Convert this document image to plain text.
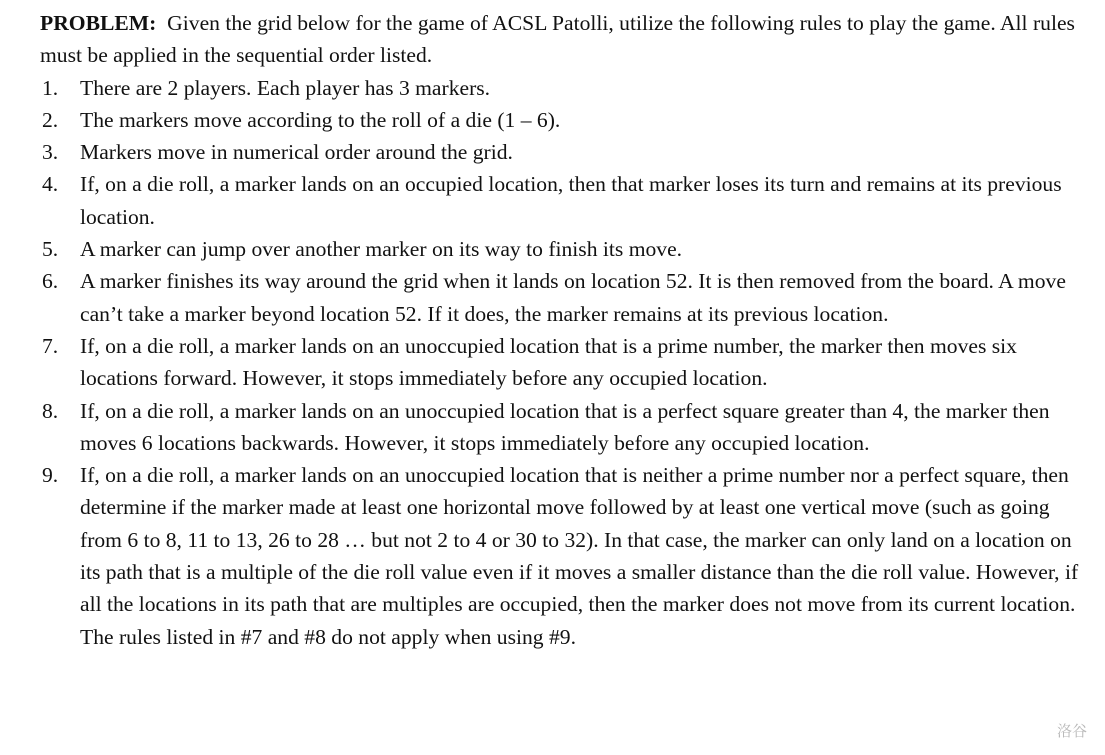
PROBLEM: Given the grid below for the game of ACSL Patolli, utilize the following rules to play the game. All rules must be applied in the sequential order listed.

1. There are 2 players. Each player has 3 markers.
2. The markers move according to the roll of a die (1 – 6).
3. Markers move in numerical order around the grid.
4. If, on a die roll, a marker lands on an occupied location, then that marker loses its turn and remains at its previous location.
5. A marker can jump over another marker on its way to finish its move.
6. A marker finishes its way around the grid when it lands on location 52. It is then removed from the board. A move can’t take a marker beyond location 52. If it does, the marker remains at its previous location.
7. If, on a die roll, a marker lands on an unoccupied location that is a prime number, the marker then moves six locations forward. However, it stops immediately before any occupied location.
8. If, on a die roll, a marker lands on an unoccupied location that is a perfect square greater than 4, the marker then moves 6 locations backwards. However, it stops immediately before any occupied location.
9. If, on a die roll, a marker lands on an unoccupied location that is neither a prime number nor a perfect square, then determine if the marker made at least one horizontal move followed by at least one vertical move (such as going from 6 to 8, 11 to 13, 26 to 28 … but not 2 to 4 or 30 to 32). In that case, the marker can only land on a location on its path that is a multiple of the die roll value even if it moves a smaller distance than the die roll value. However, if all the locations in its path that are multiples are occupied, then the marker does not move from its current location. The rules listed in #7 and #8 do not apply when using #9.
洛谷
